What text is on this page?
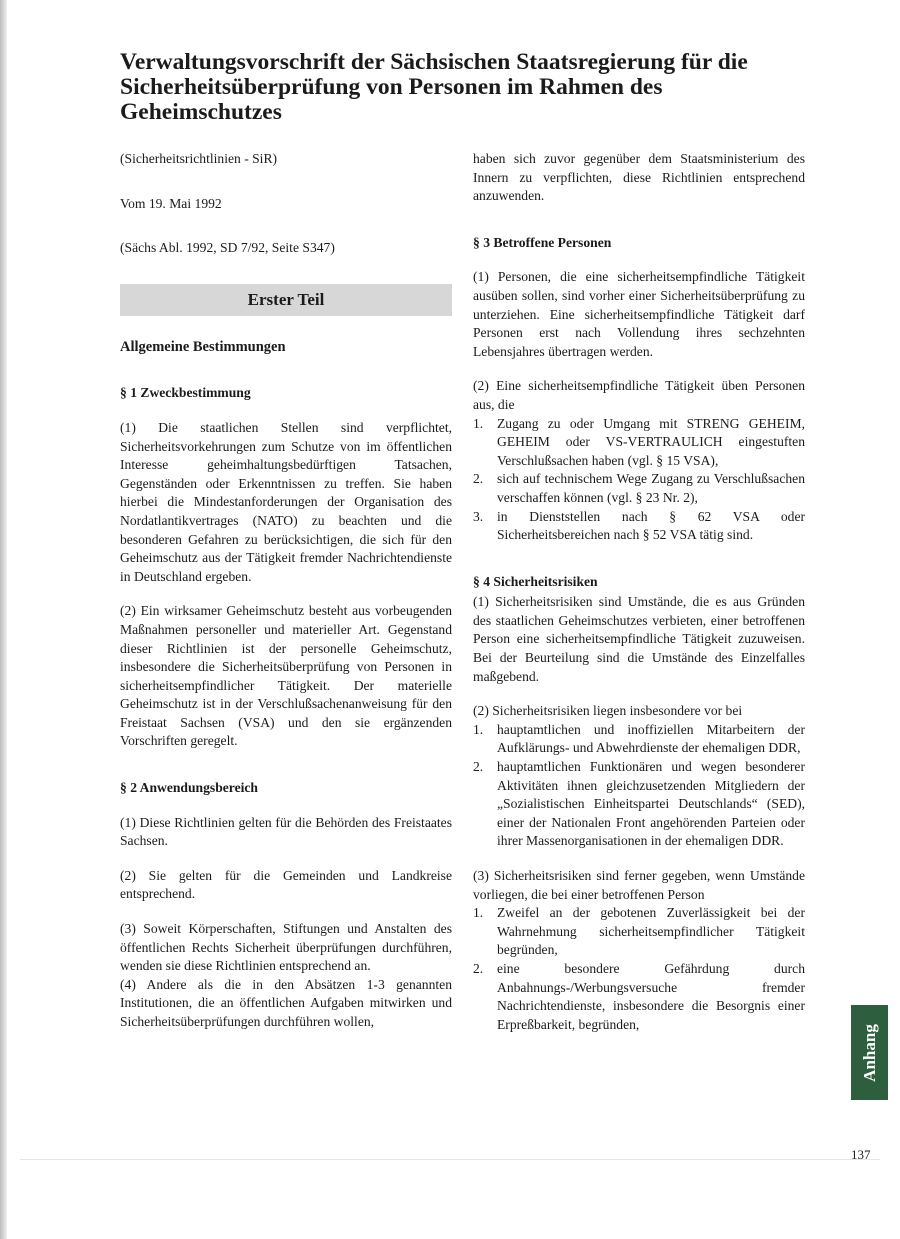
Verwaltungsvorschrift der Sächsischen Staatsregierung für die Sicherheitsüberprüfung von Personen im Rahmen des Geheimschutzes

(Sicherheitsrichtlinien - SiR)

Vom 19. Mai 1992

(Sächs Abl. 1992, SD 7/92, Seite S347)

Erster Teil
Allgemeine Bestimmungen
§ 1 Zweckbestimmung

(1) Die staatlichen Stellen sind verpflichtet, Sicherheitsvorkehrungen zum Schutze von im öffentlichen Interesse geheimhaltungsbedürftigen Tatsachen, Gegenständen oder Erkenntnissen zu treffen. Sie haben hierbei die Mindestanforderungen der Organisation des Nordatlantikvertrages (NATO) zu beachten und die besonderen Gefahren zu berücksichtigen, die sich für den Geheimschutz aus der Tätigkeit fremder Nachrichtendienste in Deutschland ergeben.

(2) Ein wirksamer Geheimschutz besteht aus vorbeugenden Maßnahmen personeller und materieller Art. Gegenstand dieser Richtlinien ist der personelle Geheimschutz, insbesondere die Sicherheitsüberprüfung von Personen in sicherheitsempfindlicher Tätigkeit. Der materielle Geheimschutz ist in der Verschlußsachenanweisung für den Freistaat Sachsen (VSA) und den sie ergänzenden Vorschriften geregelt.

§ 2 Anwendungsbereich

(1) Diese Richtlinien gelten für die Behörden des Freistaates Sachsen.

(2) Sie gelten für die Gemeinden und Landkreise entsprechend.

(3) Soweit Körperschaften, Stiftungen und Anstalten des öffentlichen Rechts Sicherheit überprüfungen durchführen, wenden sie diese Richtlinien entsprechend an.

(4) Andere als die in den Absätzen 1-3 genannten Institutionen, die an öffentlichen Aufgaben mitwirken und Sicherheitsüberprüfungen durchführen wollen,

haben sich zuvor gegenüber dem Staatsministerium des Innern zu verpflichten, diese Richtlinien entsprechend anzuwenden.

§ 3 Betroffene Personen

(1) Personen, die eine sicherheitsempfindliche Tätigkeit ausüben sollen, sind vorher einer Sicherheitsüberprüfung zu unterziehen. Eine sicherheitsempfindliche Tätigkeit darf Personen erst nach Vollendung ihres sechzehnten Lebensjahres übertragen werden.

(2) Eine sicherheitsempfindliche Tätigkeit üben Personen aus, die

1. Zugang zu oder Umgang mit STRENG GEHEIM, GEHEIM oder VS-VERTRAULICH eingestuften Verschlußsachen haben (vgl. § 15 VSA),
2. sich auf technischem Wege Zugang zu Verschlußsachen verschaffen können (vgl. § 23 Nr. 2),
3. in Dienststellen nach § 62 VSA oder Sicherheitsbereichen nach § 52 VSA tätig sind.
§ 4 Sicherheitsrisiken

(1) Sicherheitsrisiken sind Umstände, die es aus Gründen des staatlichen Geheimschutzes verbieten, einer betroffenen Person eine sicherheitsempfindliche Tätigkeit zuzuweisen. Bei der Beurteilung sind die Umstände des Einzelfalles maßgebend.

(2) Sicherheitsrisiken liegen insbesondere vor bei

1. hauptamtlichen und inoffiziellen Mitarbeitern der Aufklärungs- und Abwehrdienste der ehemaligen DDR,
2. hauptamtlichen Funktionären und wegen besonderer Aktivitäten ihnen gleichzusetzenden Mitgliedern der „Sozialistischen Einheitspartei Deutschlands“ (SED), einer der Nationalen Front angehörenden Parteien oder ihrer Massenorganisationen in der ehemaligen DDR.

(3) Sicherheitsrisiken sind ferner gegeben, wenn Umstände vorliegen, die bei einer betroffenen Person

1. Zweifel an der gebotenen Zuverlässigkeit bei der Wahrnehmung sicherheitsempfindlicher Tätigkeit begründen,
2. eine besondere Gefährdung durch Anbahnungs-/Werbungsversuche fremder Nachrichtendienste, insbesondere die Besorgnis einer Erpreßbarkeit, begründen,	Anhang
137
